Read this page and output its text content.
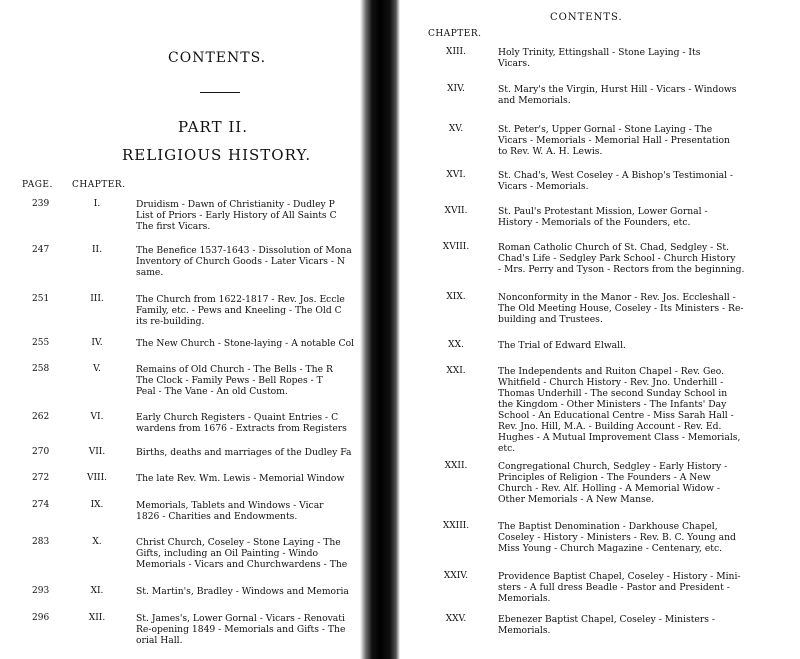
CONTENTS.
PART II.
RELIGIOUS HISTORY.
PAGE. CHAPTER.
239	I.	Druidism - Dawn of Christianity - Dudley P
List of Priors - Early History of All Saints C
The first Vicars.
247	II.	The Benefice 1537-1643 - Dissolution of Mona
Inventory of Church Goods - Later Vicars - N
same.
251	III.	The Church from 1622-1817 - Rev. Jos. Eccle
Family, etc. - Pews and Kneeling - The Old C
its re-building.
255	IV.	The New Church - Stone-laying - A notable Col
258	V.	Remains of Old Church - The Bells - The R
The Clock - Family Pews - Bell Ropes - T
Peal - The Vane - An old Custom.
262	VI.	Early Church Registers - Quaint Entries - C
wardens from 1676 - Extracts from Registers
270	VII.	Births, deaths and marriages of the Dudley Fa
272	VIII.	The late Rev. Wm. Lewis - Memorial Window
274	IX.	Memorials, Tablets and Windows - Vicar
1826 - Charities and Endowments.
283	X.	Christ Church, Coseley - Stone Laying - The
Gifts, including an Oil Painting - Windo
Memorials - Vicars and Churchwardens - The
293	XI.	St. Martin's, Bradley - Windows and Memoria
296	XII.	St. James's, Lower Gornal - Vicars - Renovati
Re-opening 1849 - Memorials and Gifts - The
orial Hall.
CONTENTS.
CHAPTER.
XIII.	Holy Trinity, Ettingshall - Stone Laying - Its
Vicars.
XIV.	St. Mary's the Virgin, Hurst Hill - Vicars - Windows
and Memorials.
XV.	St. Peter's, Upper Gornal - Stone Laying - The
Vicars - Memorials - Memorial Hall - Presentation
to Rev. W. A. H. Lewis.
XVI.	St. Chad's, West Coseley - A Bishop's Testimonial -
Vicars - Memorials.
XVII.	St. Paul's Protestant Mission, Lower Gornal -
History - Memorials of the Founders, etc.
XVIII.	Roman Catholic Church of St. Chad, Sedgley - St.
Chad's Life - Sedgley Park School - Church History
- Mrs. Perry and Tyson - Rectors from the beginning.
XIX.	Nonconformity in the Manor - Rev. Jos. Eccleshall -
The Old Meeting House, Coseley - Its Ministers - Re-
building and Trustees.
XX.	The Trial of Edward Elwall.
XXI.	The Independents and Ruiton Chapel - Rev. Geo.
Whitfield - Church History - Rev. Jno. Underhill -
Thomas Underhill - The second Sunday School in
the Kingdom - Other Ministers - The Infants' Day
School - An Educational Centre - Miss Sarah Hall -
Rev. Jno. Hill, M.A. - Building Account - Rev. Ed.
Hughes - A Mutual Improvement Class - Memorials,
etc.
XXII.	Congregational Church, Sedgley - Early History -
Principles of Religion - The Founders - A New
Church - Rev. Alf. Holling - A Memorial Widow -
Other Memorials - A New Manse.
XXIII.	The Baptist Denomination - Darkhouse Chapel,
Coseley - History - Ministers - Rev. B. C. Young and
Miss Young - Church Magazine - Centenary, etc.
XXIV.	Providence Baptist Chapel, Coseley - History - Mini-
sters - A full dress Beadle - Pastor and President -
Memorials.
XXV.	Ebenezer Baptist Chapel, Coseley - Ministers -
Memorials.
